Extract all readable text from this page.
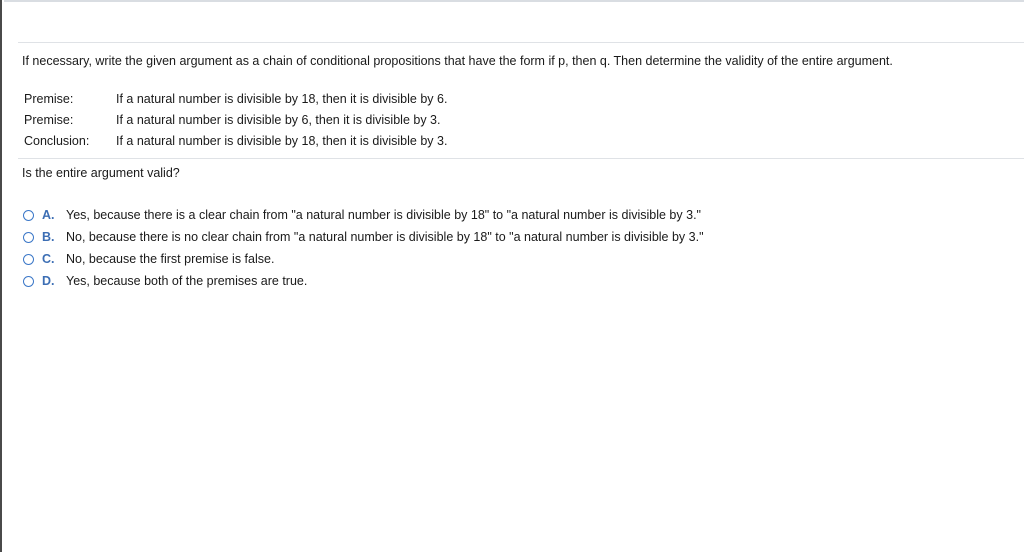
If necessary, write the given argument as a chain of conditional propositions that have the form if p, then q. Then determine the validity of the entire argument.
Premise:	If a natural number is divisible by 18, then it is divisible by 6.
Premise:	If a natural number is divisible by 6, then it is divisible by 3.
Conclusion:	If a natural number is divisible by 18, then it is divisible by 3.
Is the entire argument valid?
A. Yes, because there is a clear chain from "a natural number is divisible by 18" to "a natural number is divisible by 3."
B. No, because there is no clear chain from "a natural number is divisible by 18" to "a natural number is divisible by 3."
C. No, because the first premise is false.
D. Yes, because both of the premises are true.
